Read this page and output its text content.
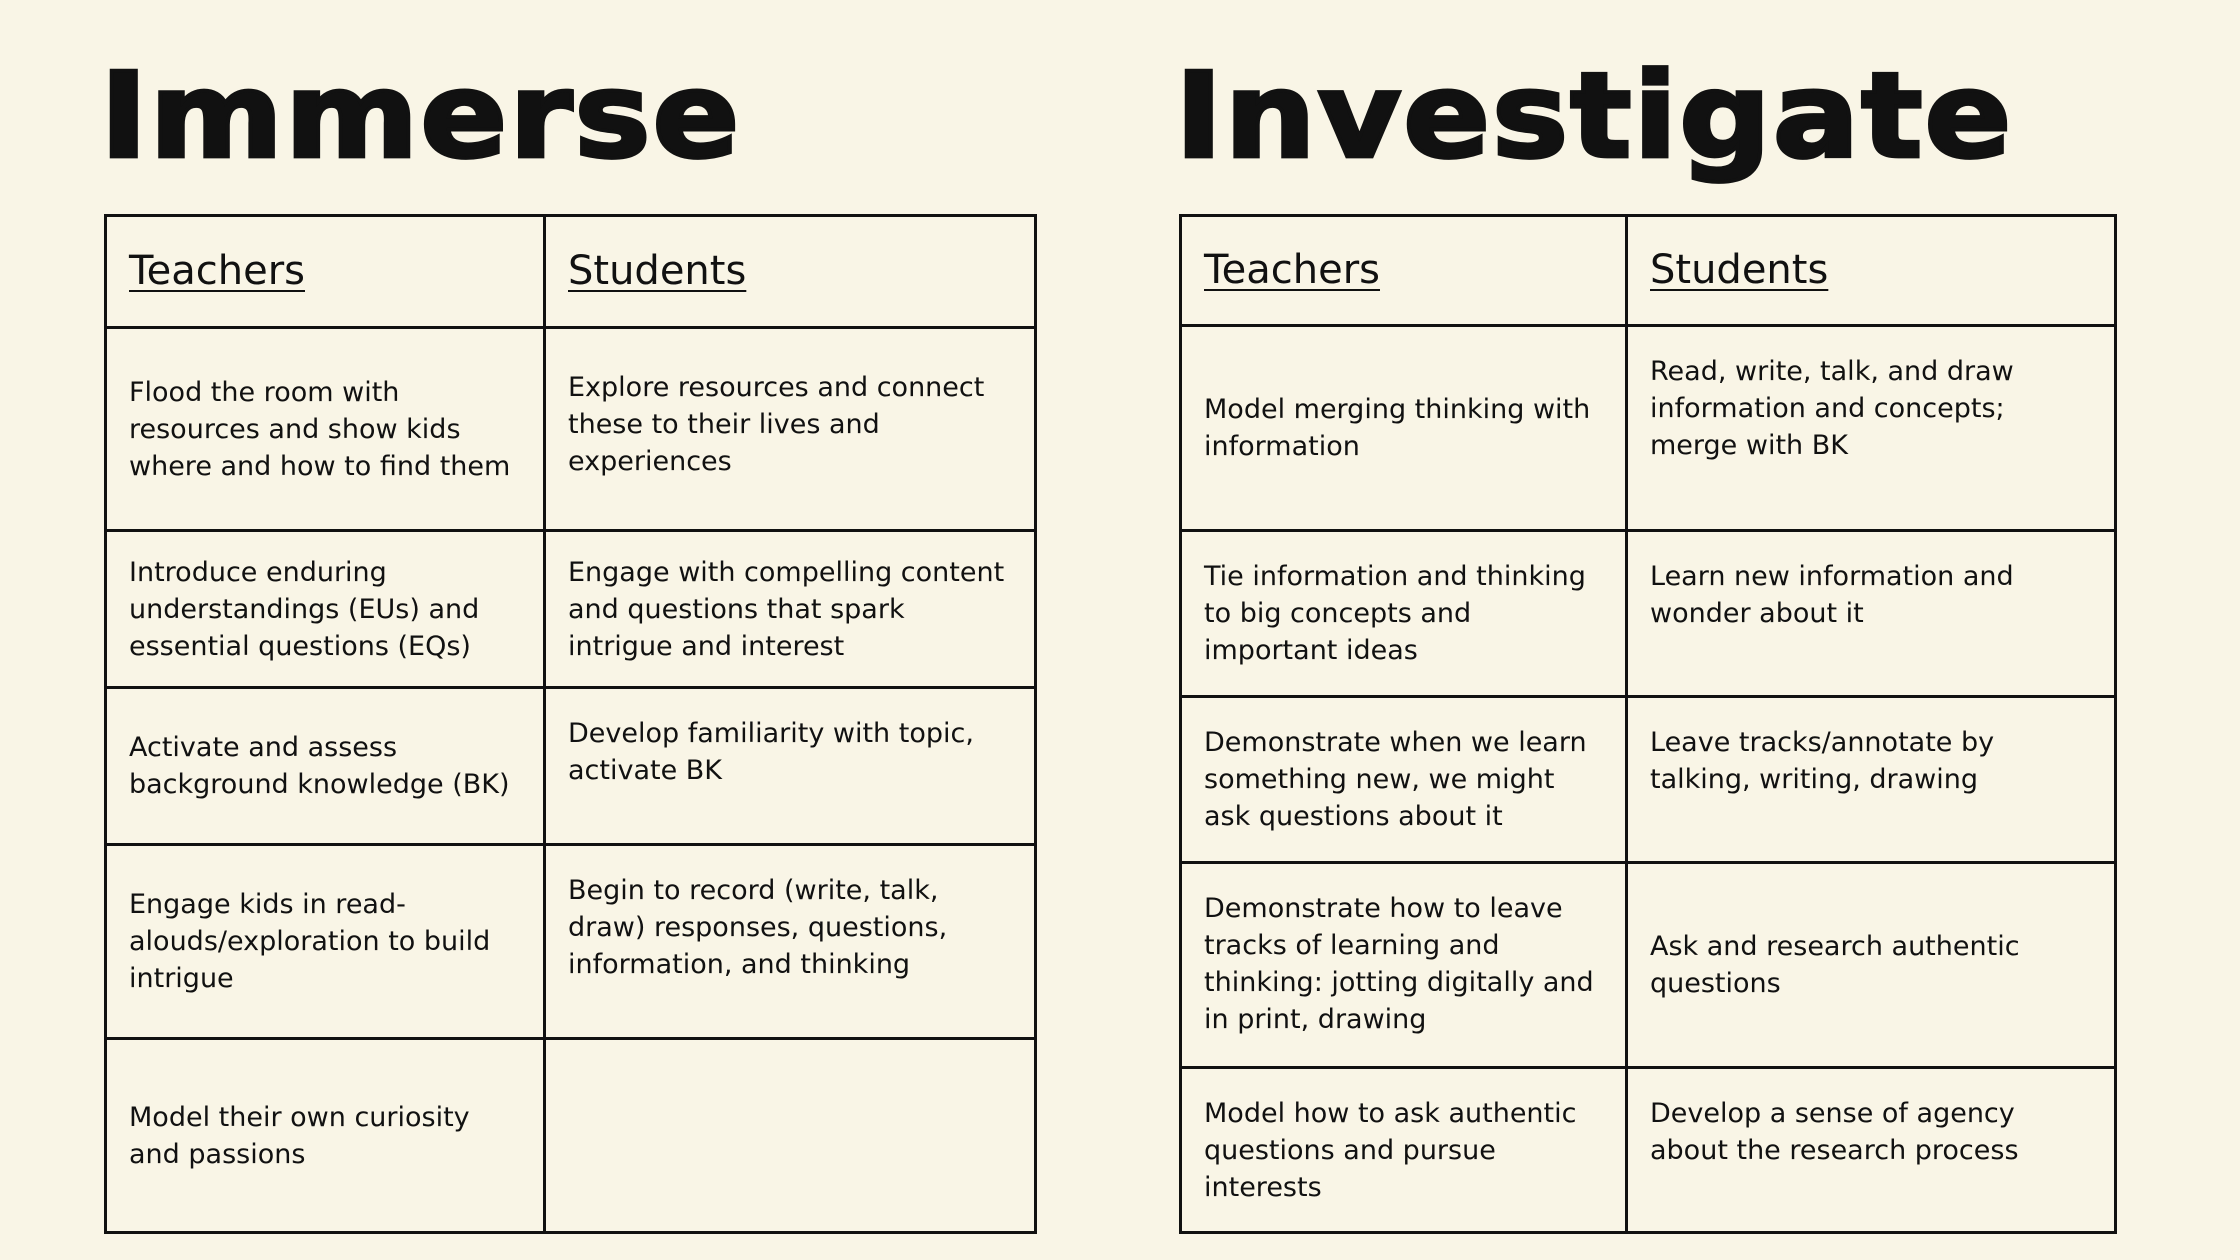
Immerse
Teachers	Students
Flood the room with resources and show kids where and how to find them	Explore resources and connect these to their lives and experiences
Introduce enduring understandings (EUs) and essential questions (EQs)	Engage with compelling content and questions that spark intrigue and interest
Activate and assess background knowledge (BK)	Develop familiarity with topic, activate BK
Engage kids in read-alouds/exploration to build intrigue	Begin to record (write, talk, draw) responses, questions, information, and thinking
Model their own curiosity and passions	
Investigate
Teachers	Students
Model merging thinking with information	Read, write, talk, and draw information and concepts; merge with BK
Tie information and thinking to big concepts and important ideas	Learn new information and wonder about it
Demonstrate when we learn something new, we might ask questions about it	Leave tracks/annotate by talking, writing, drawing
Demonstrate how to leave tracks of learning and thinking: jotting digitally and in print, drawing	Ask and research authentic questions
Model how to ask authentic questions and pursue interests	Develop a sense of agency about the research process
